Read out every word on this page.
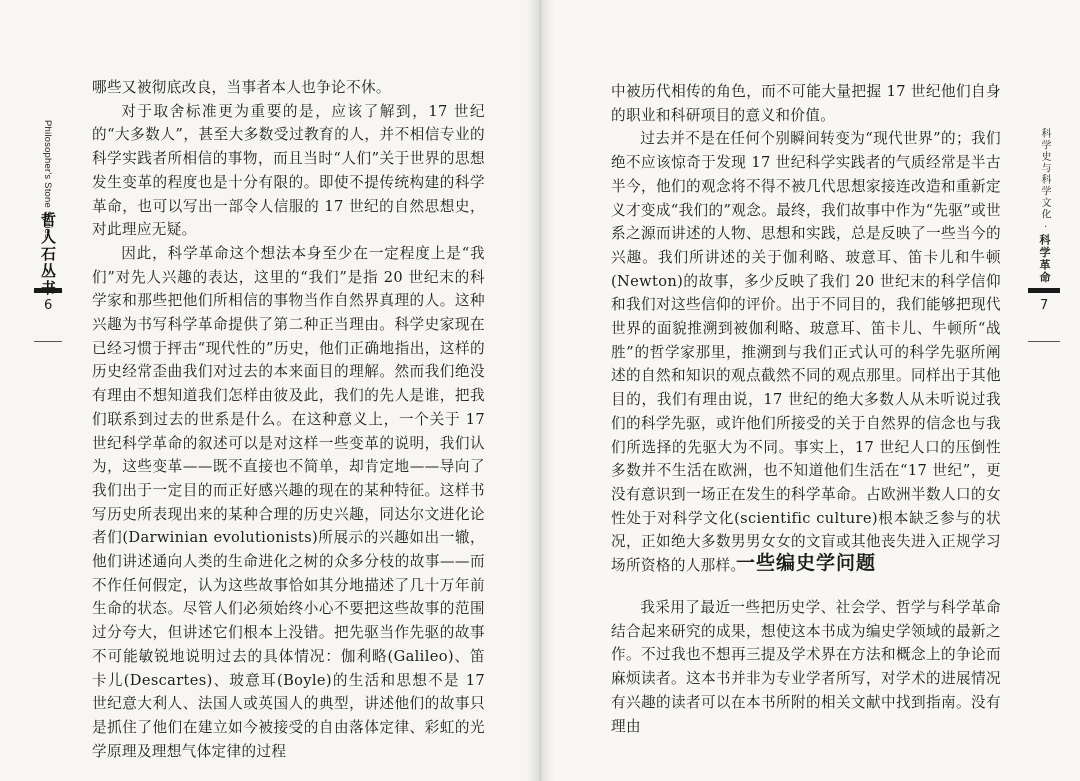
Philosopher's Stone Series
哲人石丛书
6

哪些又被彻底改良，当事者本人也争论不休。

对于取舍标准更为重要的是，应该了解到，17 世纪的“大多数人”，甚至大多数受过教育的人，并不相信专业的科学实践者所相信的事物，而且当时“人们”关于世界的思想发生变革的程度也是十分有限的。即使不提传统构建的科学革命，也可以写出一部令人信服的 17 世纪的自然思想史，对此理应无疑。

因此，科学革命这个想法本身至少在一定程度上是“我们”对先人兴趣的表达，这里的“我们”是指 20 世纪末的科学家和那些把他们所相信的事物当作自然界真理的人。这种兴趣为书写科学革命提供了第二种正当理由。科学史家现在已经习惯于抨击“现代性的”历史，他们正确地指出，这样的历史经常歪曲我们对过去的本来面目的理解。然而我们绝没有理由不想知道我们怎样由彼及此，我们的先人是谁，把我们联系到过去的世系是什么。在这种意义上，一个关于 17 世纪科学革命的叙述可以是对这样一些变革的说明，我们认为，这些变革——既不直接也不简单，却肯定地——导向了我们出于一定目的而正好感兴趣的现在的某种特征。这样书写历史所表现出来的某种合理的历史兴趣，同达尔文进化论者们(Darwinian evolutionists)所展示的兴趣如出一辙，他们讲述通向人类的生命进化之树的众多分枝的故事——而不作任何假定，认为这些故事恰如其分地描述了几十万年前生命的状态。尽管人们必须始终小心不要把这些故事的范围过分夸大，但讲述它们根本上没错。把先驱当作先驱的故事不可能敏锐地说明过去的具体情况：伽利略(Galileo)、笛卡儿(Descartes)、玻意耳(Boyle)的生活和思想不是 17 世纪意大利人、法国人或英国人的典型，讲述他们的故事只是抓住了他们在建立如今被接受的自由落体定律、彩虹的光学原理及理想气体定律的过程

科学史与科学文化 · 科学革命
7

中被历代相传的角色，而不可能大量把握 17 世纪他们自身的职业和科研项目的意义和价值。

过去并不是在任何个别瞬间转变为“现代世界”的；我们绝不应该惊奇于发现 17 世纪科学实践者的气质经常是半古半今，他们的观念将不得不被几代思想家接连改造和重新定义才变成“我们的”观念。最终，我们故事中作为“先驱”或世系之源而讲述的人物、思想和实践，总是反映了一些当今的兴趣。我们所讲述的关于伽利略、玻意耳、笛卡儿和牛顿(Newton)的故事，多少反映了我们 20 世纪末的科学信仰和我们对这些信仰的评价。出于不同目的，我们能够把现代世界的面貌推溯到被伽利略、玻意耳、笛卡儿、牛顿所“战胜”的哲学家那里，推溯到与我们正式认可的科学先驱所阐述的自然和知识的观点截然不同的观点那里。同样出于其他目的，我们有理由说，17 世纪的绝大多数人从未听说过我们的科学先驱，或许他们所接受的关于自然界的信念也与我们所选择的先驱大为不同。事实上，17 世纪人口的压倒性多数并不生活在欧洲，也不知道他们生活在“17 世纪”，更没有意识到一场正在发生的科学革命。占欧洲半数人口的女性处于对科学文化(scientific culture)根本缺乏参与的状况，正如绝大多数男男女女的文盲或其他丧失进入正规学习场所资格的人那样。

一些编史学问题

我采用了最近一些把历史学、社会学、哲学与科学革命结合起来研究的成果，想使这本书成为编史学领域的最新之作。不过我也不想再三提及学术界在方法和概念上的争论而麻烦读者。这本书并非为专业学者所写，对学术的进展情况有兴趣的读者可以在本书所附的相关文献中找到指南。没有理由
